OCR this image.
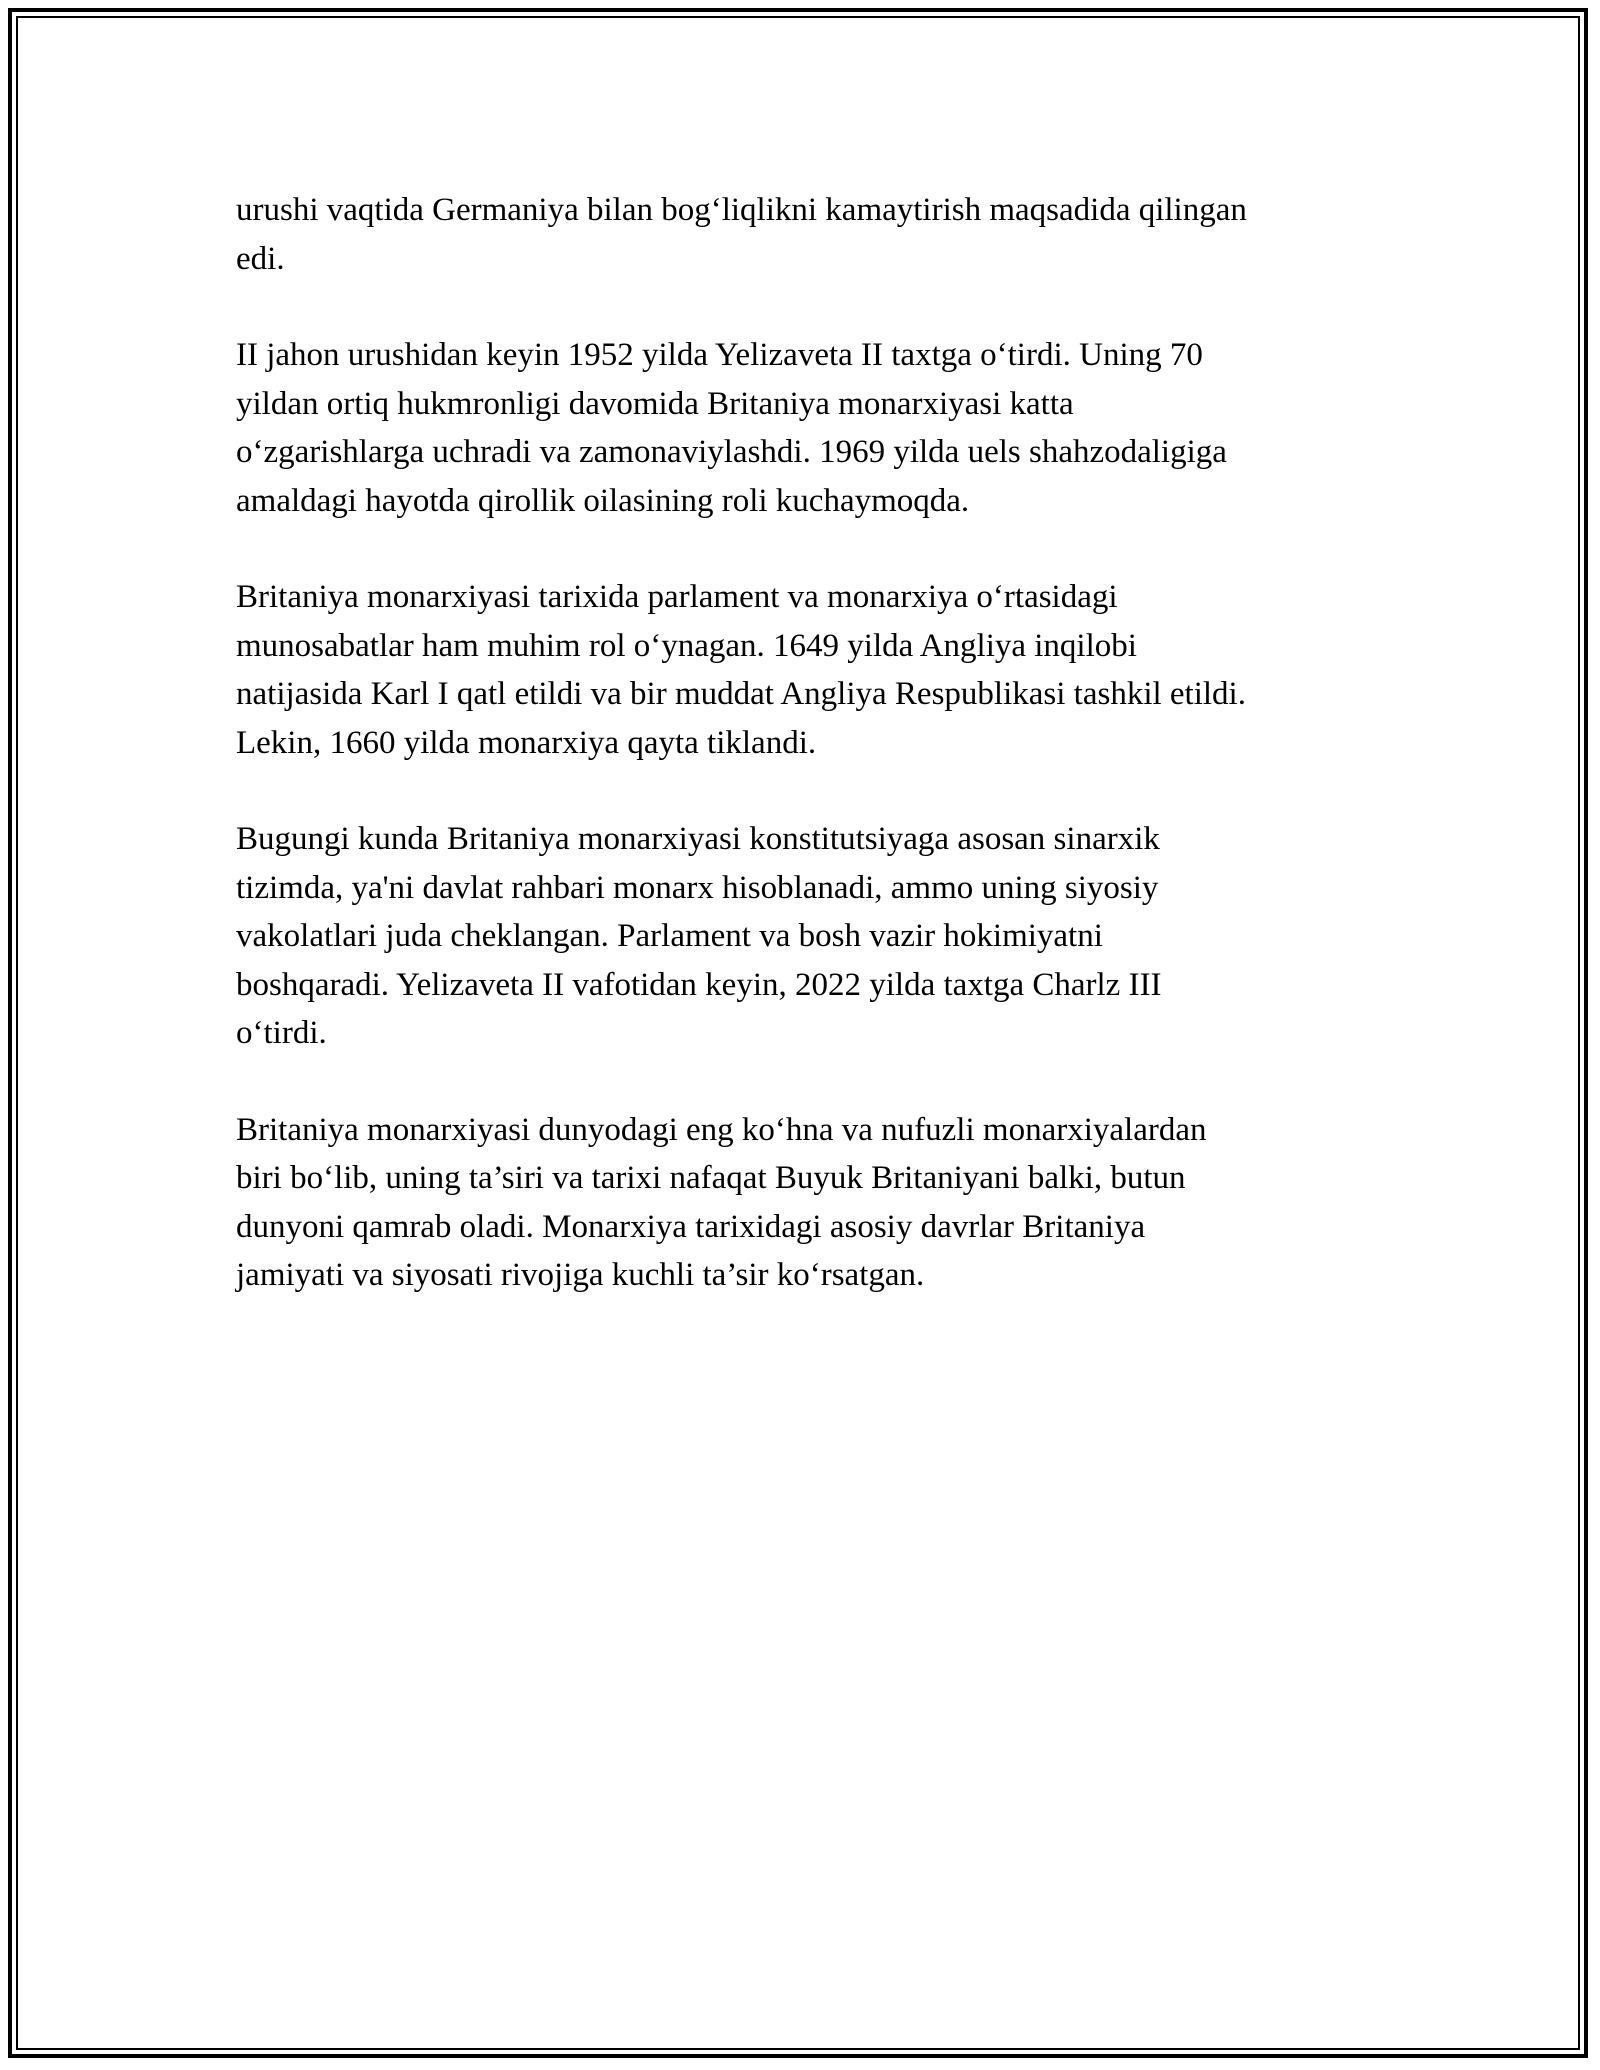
urushi vaqtida Germaniya bilan bog‘liqlikni kamaytirish maqsadida qilingan
edi.

II jahon urushidan keyin 1952 yilda Yelizaveta II taxtga o‘tirdi. Uning 70
yildan ortiq hukmronligi davomida Britaniya monarxiyasi katta
o‘zgarishlarga uchradi va zamonaviylashdi. 1969 yilda uels shahzodaligiga
amaldagi hayotda qirollik oilasining roli kuchaymoqda.

Britaniya monarxiyasi tarixida parlament va monarxiya o‘rtasidagi
munosabatlar ham muhim rol o‘ynagan. 1649 yilda Angliya inqilobi
natijasida Karl I qatl etildi va bir muddat Angliya Respublikasi tashkil etildi.
Lekin, 1660 yilda monarxiya qayta tiklandi.

Bugungi kunda Britaniya monarxiyasi konstitutsiyaga asosan sinarxik
tizimda, ya'ni davlat rahbari monarx hisoblanadi, ammo uning siyosiy
vakolatlari juda cheklangan. Parlament va bosh vazir hokimiyatni
boshqaradi. Yelizaveta II vafotidan keyin, 2022 yilda taxtga Charlz III
o‘tirdi.

Britaniya monarxiyasi dunyodagi eng ko‘hna va nufuzli monarxiyalardan
biri bo‘lib, uning ta’siri va tarixi nafaqat Buyuk Britaniyani balki, butun
dunyoni qamrab oladi. Monarxiya tarixidagi asosiy davrlar Britaniya
jamiyati va siyosati rivojiga kuchli ta’sir ko‘rsatgan.
